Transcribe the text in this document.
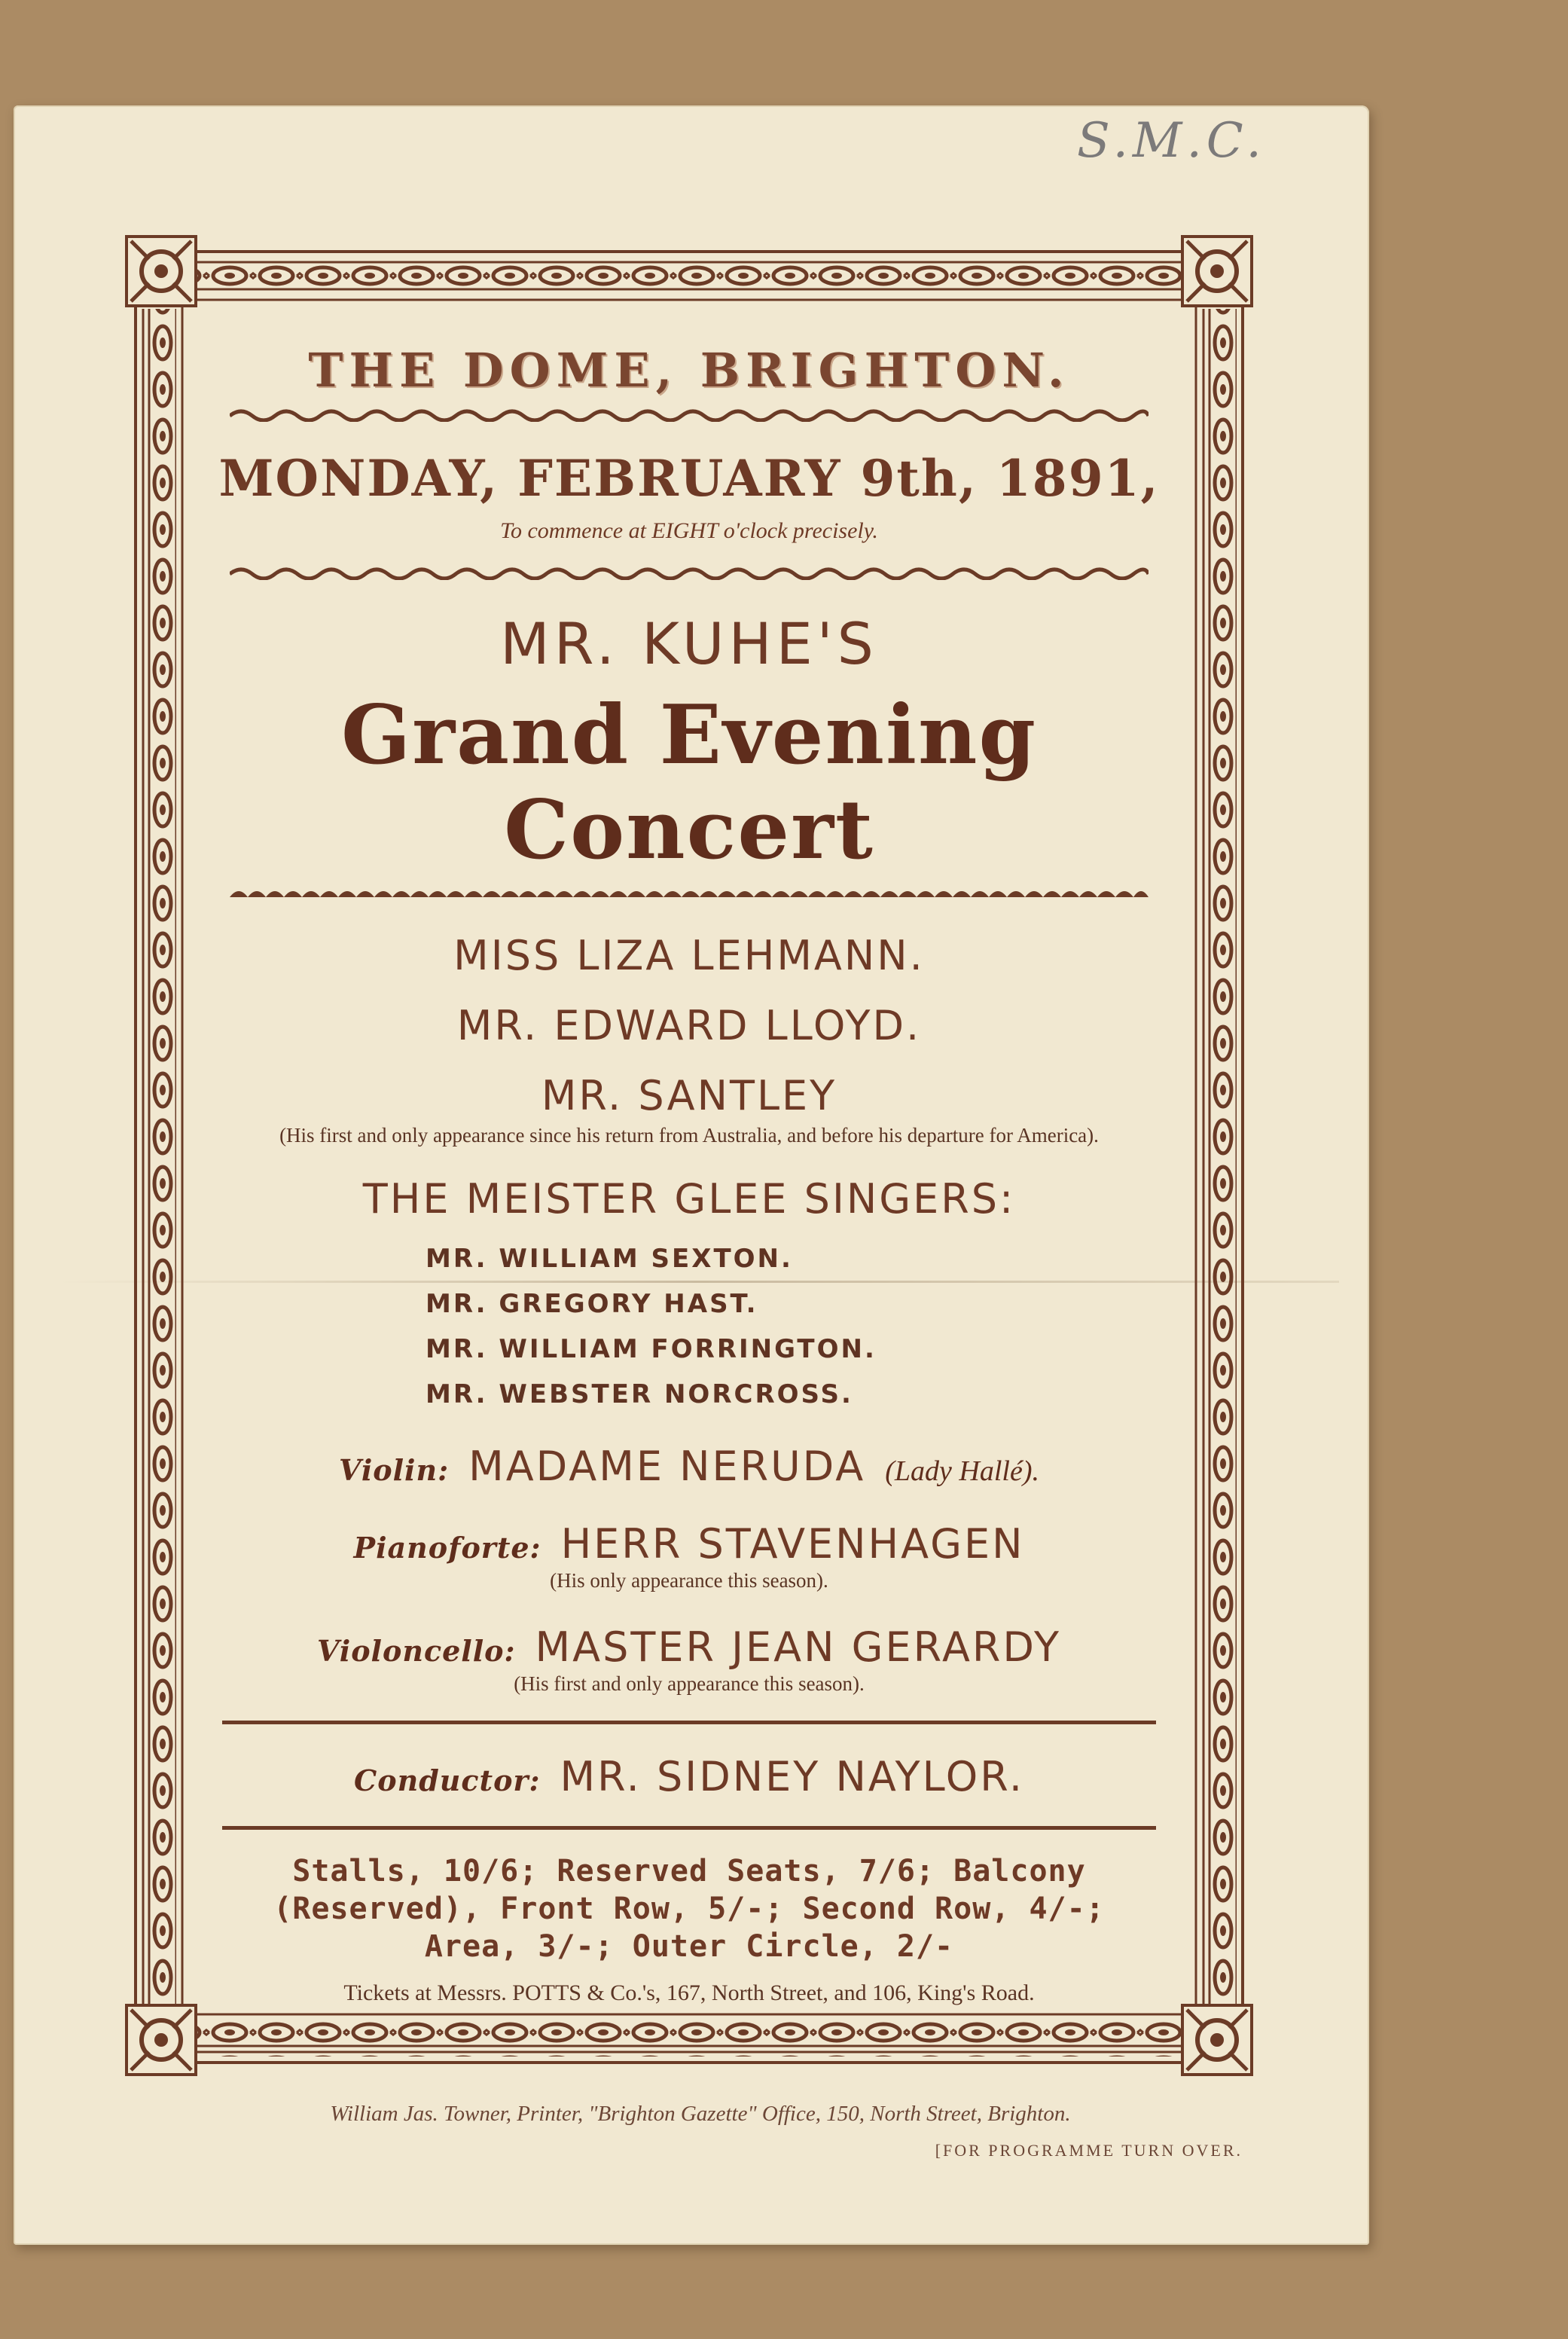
S.M.C.
THE DOME, BRIGHTON.
MONDAY, FEBRUARY 9th, 1891,
To commence at EIGHT o'clock precisely.
MR. KUHE'S
Grand Evening Concert
MISS LIZA LEHMANN.
MR. EDWARD LLOYD.
MR. SANTLEY
(His first and only appearance since his return from Australia, and before his departure for America).
THE MEISTER GLEE SINGERS:
MR. WILLIAM SEXTON.
MR. GREGORY HAST.
MR. WILLIAM FORRINGTON.
MR. WEBSTER NORCROSS.
Violin: MADAME NERUDA (Lady Hallé).
Pianoforte: HERR STAVENHAGEN
(His only appearance this season).
Violoncello: MASTER JEAN GERARDY
(His first and only appearance this season).
Conductor: MR. SIDNEY NAYLOR.
Stalls, 10/6; Reserved Seats, 7/6; Balcony
(Reserved), Front Row, 5/-; Second Row, 4/-;
Area, 3/-; Outer Circle, 2/-
Tickets at Messrs. POTTS & Co.'s, 167, North Street, and 106, King's Road.
William Jas. Towner, Printer, "Brighton Gazette" Office, 150, North Street, Brighton.
[FOR PROGRAMME TURN OVER.
